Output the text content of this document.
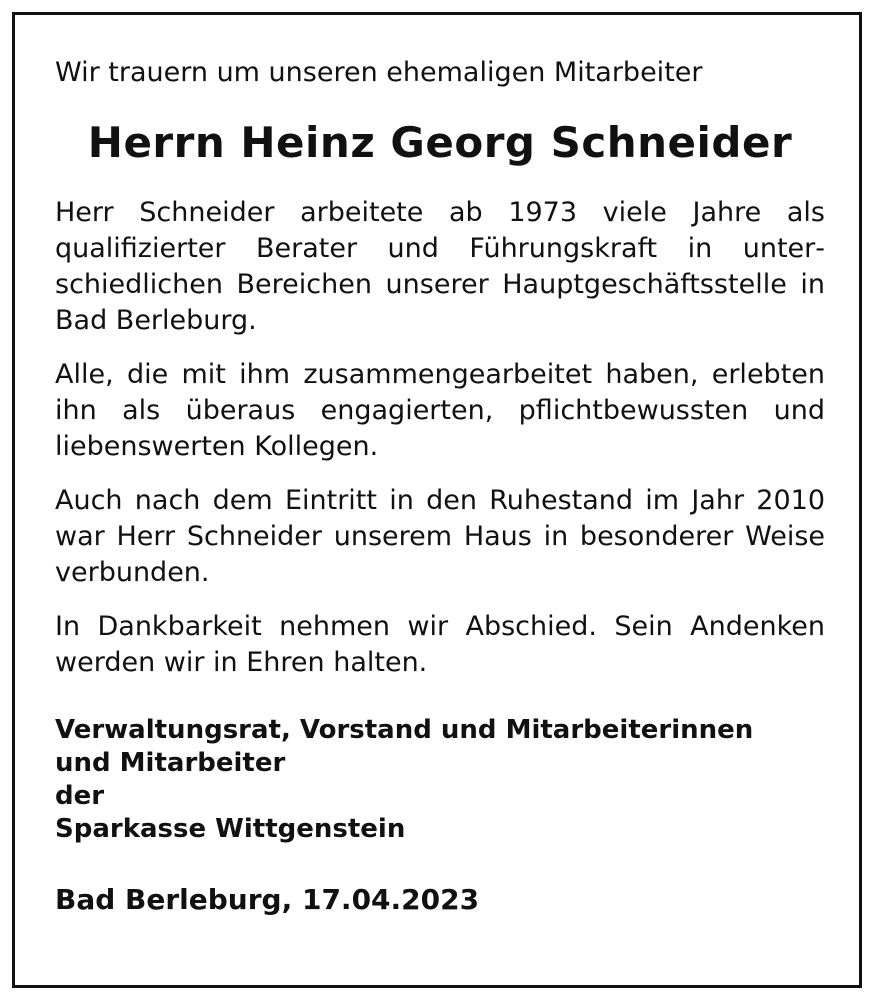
Wir trauern um unseren ehemaligen Mitarbeiter

Herrn Heinz Georg Schneider

Herr Schneider arbeitete ab 1973 viele Jahre als qualifizierter Berater und Führungskraft in unterschiedlichen Bereichen unserer Hauptgeschäftsstelle in Bad Berleburg.

Alle, die mit ihm zusammengearbeitet haben, erlebten ihn als überaus engagierten, pflichtbewussten und liebenswerten Kollegen.

Auch nach dem Eintritt in den Ruhestand im Jahr 2010 war Herr Schneider unserem Haus in besonderer Weise verbunden.

In Dankbarkeit nehmen wir Abschied. Sein Andenken werden wir in Ehren halten.

Verwaltungsrat, Vorstand und Mitarbeiterinnen
und Mitarbeiter
der
Sparkasse Wittgenstein
Bad Berleburg, 17.04.2023
